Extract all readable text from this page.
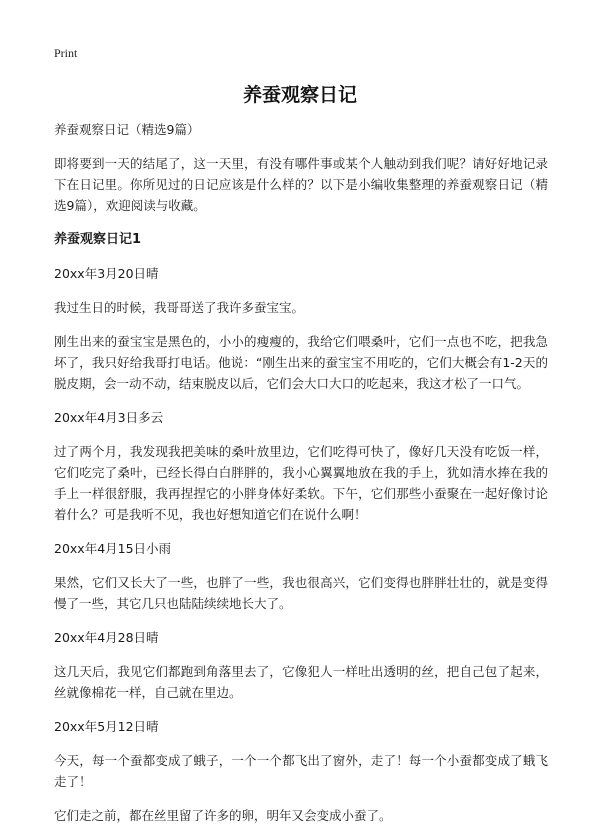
Print
养蚕观察日记

养蚕观察日记（精选9篇）

即将要到一天的结尾了，这一天里，有没有哪件事或某个人触动到我们呢？请好好地记录下在日记里。你所见过的日记应该是什么样的？以下是小编收集整理的养蚕观察日记（精选9篇），欢迎阅读与收藏。

养蚕观察日记1

20xx年3月20日晴

我过生日的时候，我哥哥送了我许多蚕宝宝。

刚生出来的蚕宝宝是黑色的，小小的瘦瘦的，我给它们喂桑叶，它们一点也不吃，把我急坏了，我只好给我哥打电话。他说：“刚生出来的蚕宝宝不用吃的，它们大概会有1-2天的脱皮期，会一动不动，结束脱皮以后，它们会大口大口的吃起来，我这才松了一口气。

20xx年4月3日多云

过了两个月，我发现我把美味的桑叶放里边，它们吃得可快了，像好几天没有吃饭一样，它们吃完了桑叶，已经长得白白胖胖的，我小心翼翼地放在我的手上，犹如清水捧在我的手上一样很舒服，我再捏捏它的小胖身体好柔软。下午，它们那些小蚕聚在一起好像讨论着什么？可是我听不见，我也好想知道它们在说什么啊！

20xx年4月15日小雨

果然，它们又长大了一些，也胖了一些，我也很高兴，它们变得也胖胖壮壮的，就是变得慢了一些，其它几只也陆陆续续地长大了。

20xx年4月28日晴

这几天后，我见它们都跑到角落里去了，它像犯人一样吐出透明的丝，把自己包了起来，丝就像棉花一样，自己就在里边。

20xx年5月12日晴

今天，每一个蚕都变成了蛾子，一个一个都飞出了窗外，走了！每一个小蚕都变成了蛾飞走了！

它们走之前，都在丝里留了许多的卵，明年又会变成小蚕了。
